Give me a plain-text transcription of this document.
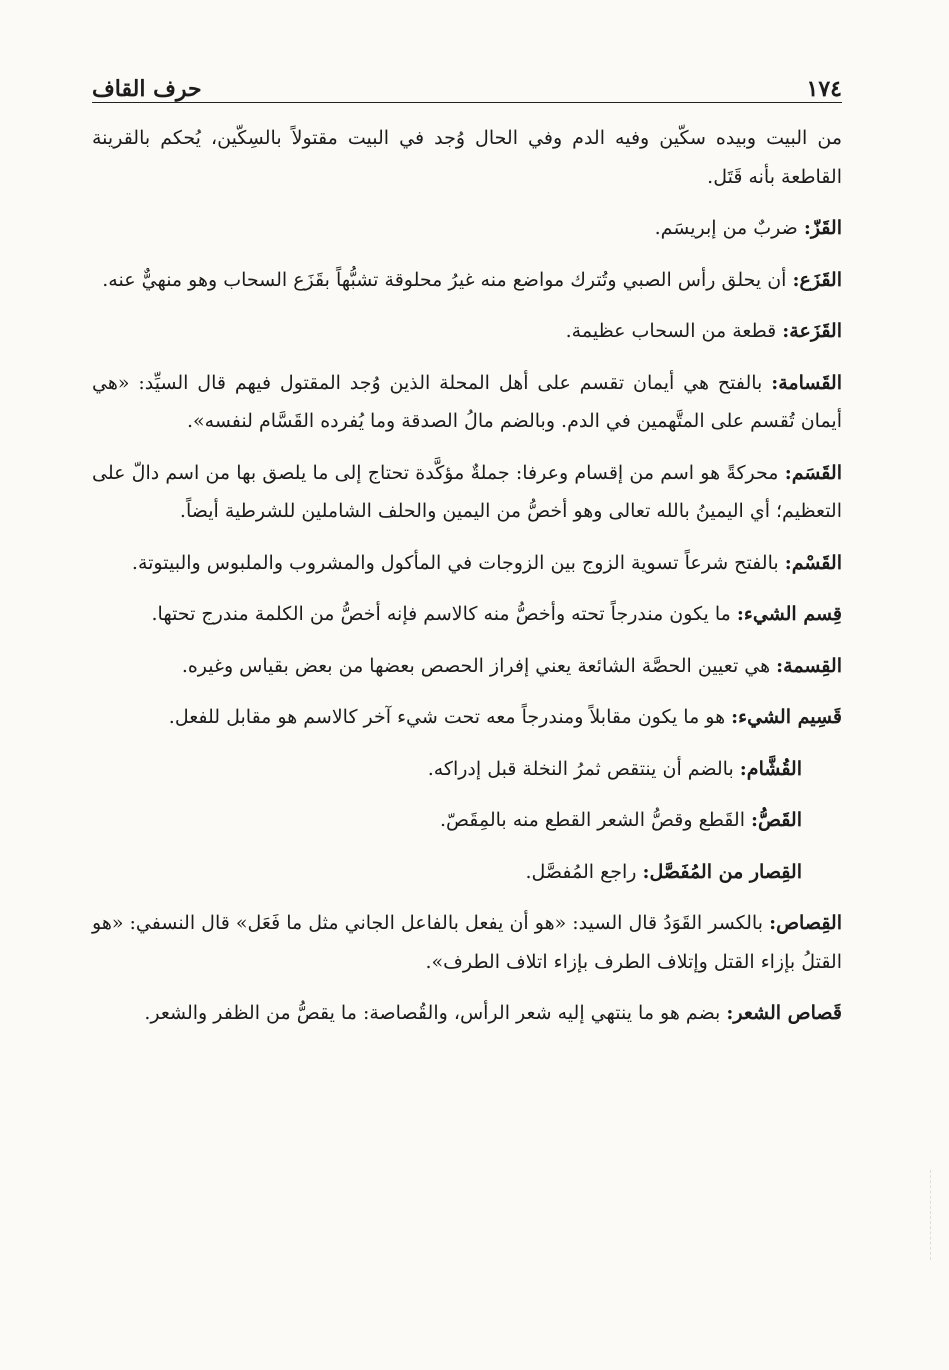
١٧٤
حرف القاف

من البيت وبيده سكّين وفيه الدم وفي الحال وُجد في البيت مقتولاً بالسِكّين، يُحكم بالقرينة القاطعة بأنه قَتَل.

القَزّ: ضربٌ من إبريسَم.

القَزَع: أن يحلق رأس الصبي وتُترك مواضع منه غيرُ محلوقة تشبُّهاً بقَزَع السحاب وهو منهيٌّ عنه.

القَزَعة: قطعة من السحاب عظيمة.

القَسامة: بالفتح هي أيمان تقسم على أهل المحلة الذين وُجد المقتول فيهم قال السيِّد: «هي أيمان تُقسم على المتَّهمين في الدم. وبالضم مالُ الصدقة وما يُفرده القَسَّام لنفسه».

القَسَم: محركةً هو اسم من إقسام وعرفا: جملةٌ مؤكَّدة تحتاج إلى ما يلصق بها من اسم دالّ على التعظيم؛ أي اليمينُ بالله تعالى وهو أخصُّ من اليمين والحلف الشاملين للشرطية أيضاً.

القَسْم: بالفتح شرعاً تسوية الزوج بين الزوجات في المأكول والمشروب والملبوس والبيتوتة.

قِسم الشيء: ما يكون مندرجاً تحته وأخصُّ منه كالاسم فإنه أخصُّ من الكلمة مندرج تحتها.

القِسمة: هي تعيين الحصَّة الشائعة يعني إفراز الحصص بعضها من بعض بقياس وغيره.

قَسِيم الشيء: هو ما يكون مقابلاً ومندرجاً معه تحت شيء آخر كالاسم هو مقابل للفعل.

القُشَّام: بالضم أن ينتقص ثمرُ النخلة قبل إدراكه.

القَصُّ: القَطع وقصُّ الشعر القطع منه بالمِقَصّ.

القِصار من المُفَصَّل: راجع المُفصَّل.

القِصاص: بالكسر القَوَدُ قال السيد: «هو أن يفعل بالفاعل الجاني مثل ما فَعَل» قال النسفي: «هو القتلُ بإزاء القتل وإتلاف الطرف بإزاء اتلاف الطرف».

قَصاص الشعر: بضم هو ما ينتهي إليه شعر الرأس، والقُصاصة: ما يقصُّ من الظفر والشعر.
